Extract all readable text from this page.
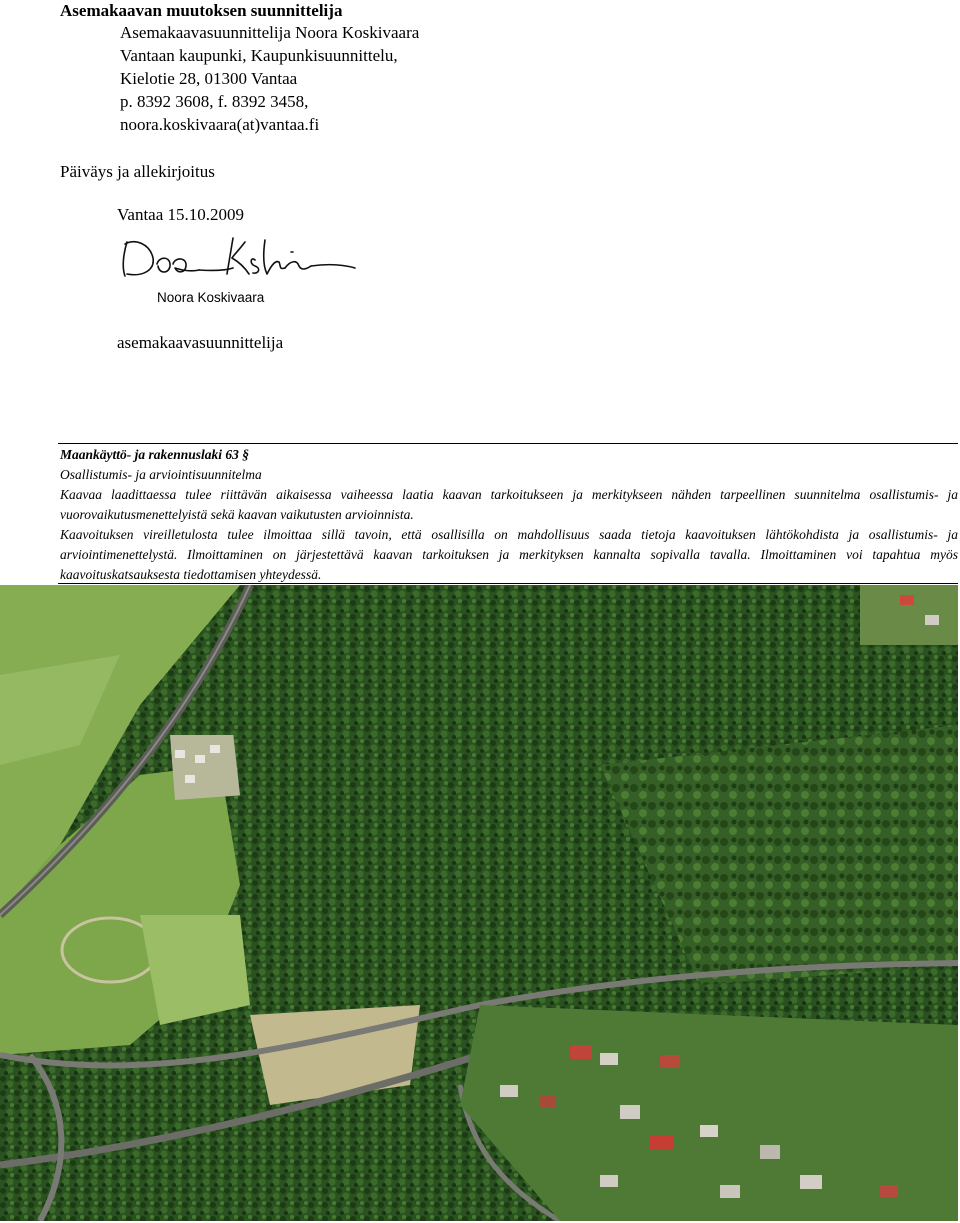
Asemakaavan muutoksen suunnittelija
Asemakaavasuunnittelija Noora Koskivaara
Vantaan kaupunki, Kaupunkisuunnittelu,
Kielotie 28, 01300 Vantaa
p. 8392 3608, f. 8392 3458,
noora.koskivaara(at)vantaa.fi
Päiväys ja allekirjoitus
Vantaa 15.10.2009
Noora Koskivaara
asemakaavasuunnittelija
Maankäyttö- ja rakennuslaki 63 §
Osallistumis- ja arviointisuunnitelma

Kaavaa laadittaessa tulee riittävän aikaisessa vaiheessa laatia kaavan tarkoitukseen ja merkitykseen nähden tarpeellinen suunnitelma osallistumis- ja vuorovaikutusmenettelyistä sekä kaavan vaikutusten arvioinnista.

Kaavoituksen vireilletulosta tulee ilmoittaa sillä tavoin, että osallisilla on mahdollisuus saada tietoja kaavoituksen lähtökohdista ja osallistumis- ja arviointimenettelystä. Ilmoittaminen on järjestettävä kaavan tarkoituksen ja merkityksen kannalta sopivalla tavalla. Ilmoittaminen voi tapahtua myös kaavoituskatsauksesta tiedottamisen yhteydessä.
